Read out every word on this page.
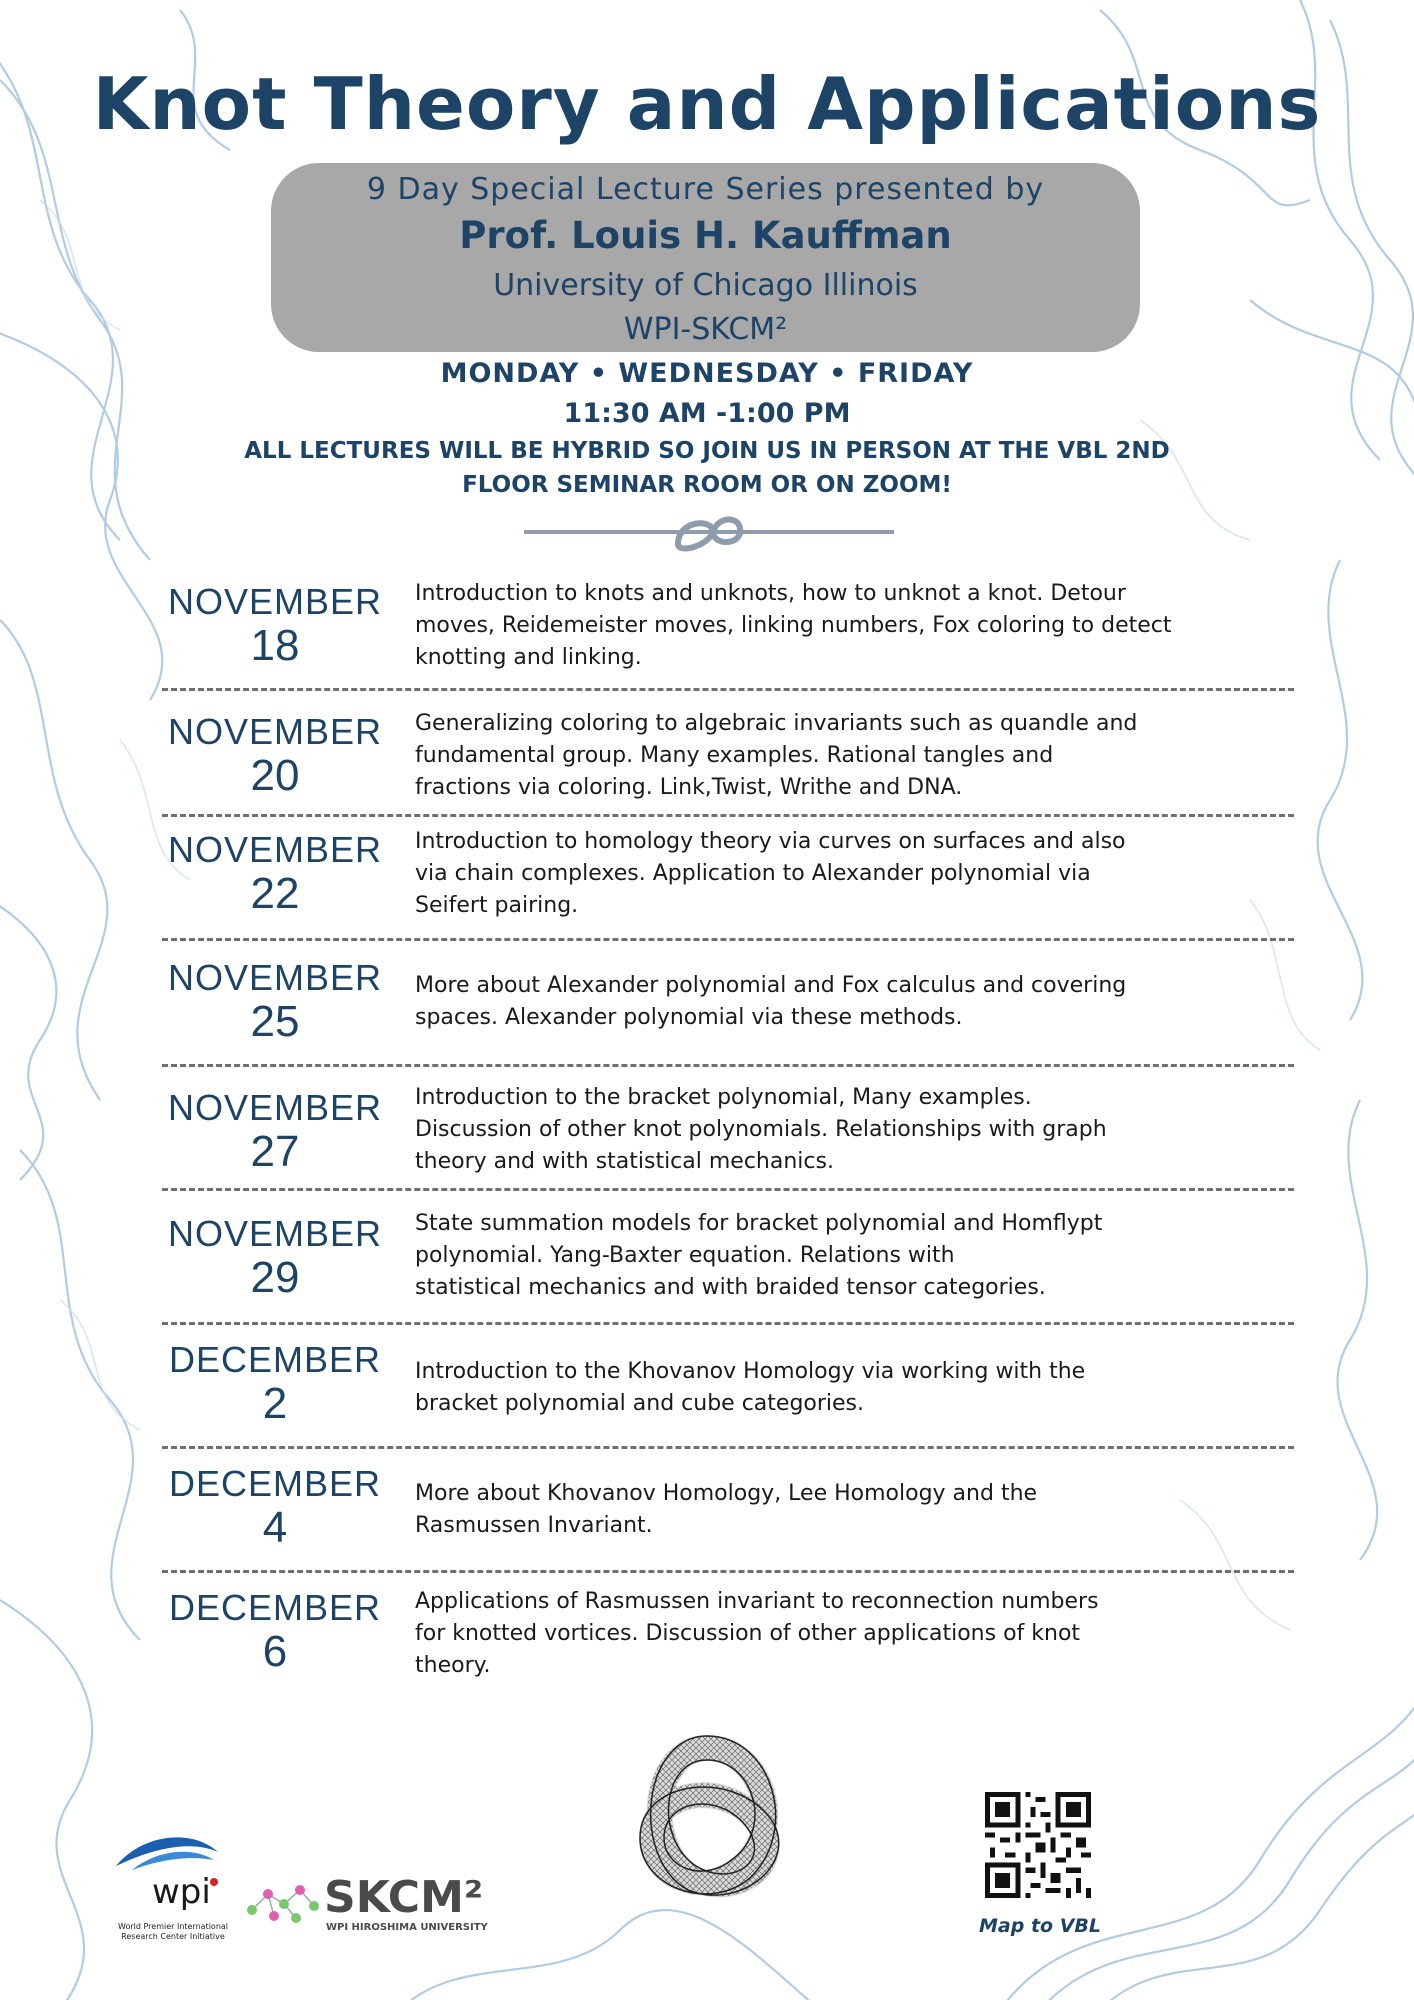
Knot Theory and Applications
9 Day Special Lecture Series presented by
Prof. Louis H. Kauffman
University of Chicago Illinois
WPI-SKCM²
MONDAY • WEDNESDAY • FRIDAY
11:30 AM -1:00 PM
ALL LECTURES WILL BE HYBRID SO JOIN US IN PERSON AT THE VBL 2ND
FLOOR SEMINAR ROOM OR ON ZOOM!
NOVEMBER
18
Introduction to knots and unknots, how to unknot a knot. Detour
moves, Reidemeister moves, linking numbers, Fox coloring to detect
knotting and linking.
NOVEMBER
20
Generalizing coloring to algebraic invariants such as quandle and
fundamental group. Many examples. Rational tangles and
fractions via coloring. Link,Twist, Writhe and DNA.
NOVEMBER
22
Introduction to homology theory via curves on surfaces and also
via chain complexes. Application to Alexander polynomial via
Seifert pairing.
NOVEMBER
25
More about Alexander polynomial and Fox calculus and covering
spaces. Alexander polynomial via these methods.
NOVEMBER
27
Introduction to the bracket polynomial, Many examples.
Discussion of other knot polynomials. Relationships with graph
theory and with statistical mechanics.
NOVEMBER
29
State summation models for bracket polynomial and Homflypt
polynomial. Yang-Baxter equation. Relations with
statistical mechanics and with braided tensor categories.
DECEMBER
2
Introduction to the Khovanov Homology via working with the
bracket polynomial and cube categories.
DECEMBER
4
More about Khovanov Homology, Lee Homology and the
Rasmussen Invariant.
DECEMBER
6
Applications of Rasmussen invariant to reconnection numbers
for knotted vortices. Discussion of other applications of knot
theory.
wpi
World Premier International
Research Center Initiative
SKCM²
WPI HIROSHIMA UNIVERSITY	Map to VBL
